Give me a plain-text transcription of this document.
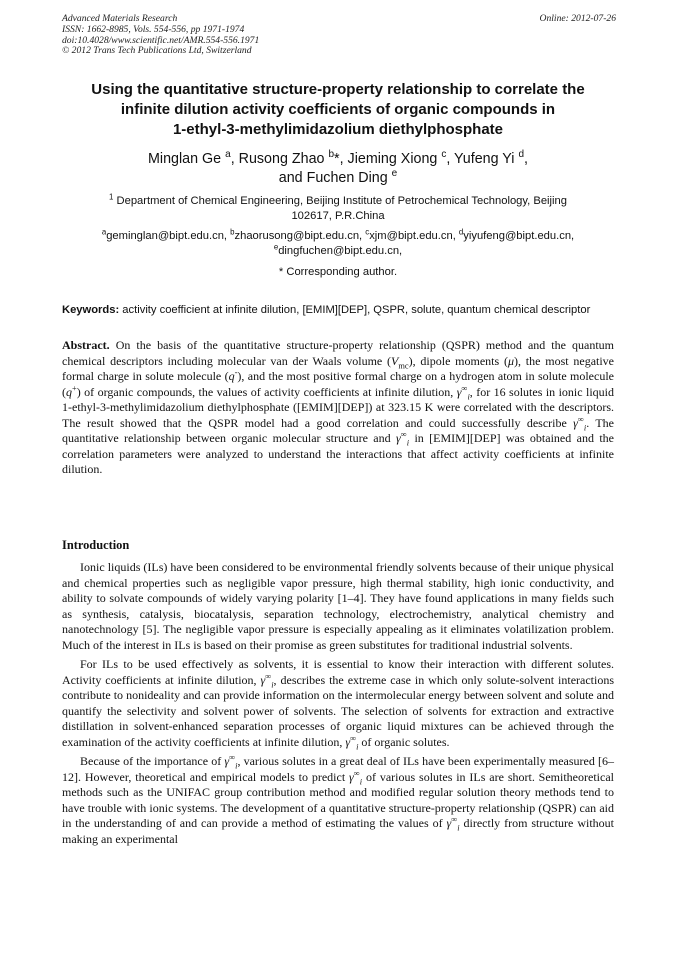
Advanced Materials Research
ISSN: 1662-8985, Vols. 554-556, pp 1971-1974
doi:10.4028/www.scientific.net/AMR.554-556.1971
© 2012 Trans Tech Publications Ltd, Switzerland
Online: 2012-07-26
Using the quantitative structure-property relationship to correlate the
infinite dilution activity coefficients of organic compounds in
1-ethyl-3-methylimidazolium diethylphosphate
Minglan Ge $^a$, Rusong Zhao $^b$*, Jieming Xiong $^c$, Yufeng Yi $^d$,
and Fuchen Ding $^e$
$^1$ Department of Chemical Engineering, Beijing Institute of Petrochemical Technology, Beijing
102617, P.R.China
$^a$geminglan@bipt.edu.cn, $^b$zhaorusong@bipt.edu.cn, $^c$xjm@bipt.edu.cn, $^d$yiyufeng@bipt.edu.cn,
$^e$dingfuchen@bipt.edu.cn,
* Corresponding author.
Keywords: activity coefficient at infinite dilution, [EMIM][DEP], QSPR, solute, quantum chemical descriptor
Abstract. On the basis of the quantitative structure-property relationship (QSPR) method and the quantum chemical descriptors including molecular van der Waals volume $(V_{mc})$, dipole moments (μ), the most negative formal charge in solute molecule (q-), and the most positive formal charge on a hydrogen atom in solute molecule (q+) of organic compounds, the values of activity coefficients at infinite dilution, $\gamma^\infty_i$, for 16 solutes in ionic liquid 1-ethyl-3-methylimidazolium diethylphosphate ([EMIM][DEP]) at 323.15 K were correlated with the descriptors. The result showed that the QSPR model had a good correlation and could successfully describe $\gamma^\infty_i$. The quantitative relationship between organic molecular structure and $\gamma^\infty_i$ in [EMIM][DEP] was obtained and the correlation parameters were analyzed to understand the interactions that affect activity coefficients at infinite dilution.
Introduction

Ionic liquids (ILs) have been considered to be environmental friendly solvents because of their unique physical and chemical properties such as negligible vapor pressure, high thermal stability, high ionic conductivity, and ability to solvate compounds of widely varying polarity [1–4]. They have found applications in many fields such as synthesis, catalysis, biocatalysis, separation technology, electrochemistry, analytical chemistry and nanotechnology [5]. The negligible vapor pressure is especially appealing as it eliminates volatilization problem. Much of the interest in ILs is based on their promise as green substitutes for traditional industrial solvents.

For ILs to be used effectively as solvents, it is essential to know their interaction with different solutes. Activity coefficients at infinite dilution, $\gamma^\infty_i$, describes the extreme case in which only solute-solvent interactions contribute to nonideality and can provide information on the intermolecular energy between solvent and solute and quantify the selectivity and solvent power of solvents. The selection of solvents for extraction and extractive distillation in solvent-enhanced separation processes of organic liquid mixtures can be achieved through the examination of the activity coefficients at infinite dilution, $\gamma^\infty_i$ of organic solutes.

Because of the importance of $\gamma^\infty_i$, various solutes in a great deal of ILs have been experimentally measured [6–12]. However, theoretical and empirical models to predict $\gamma^\infty_i$ of various solutes in ILs are short. Semitheoretical methods such as the UNIFAC group contribution method and modified regular solution theory methods tend to have trouble with ionic systems. The development of a quantitative structure-property relationship (QSPR) can aid in the understanding of and can provide a method of estimating the values of $\gamma^\infty_i$ directly from structure without making an experimental
